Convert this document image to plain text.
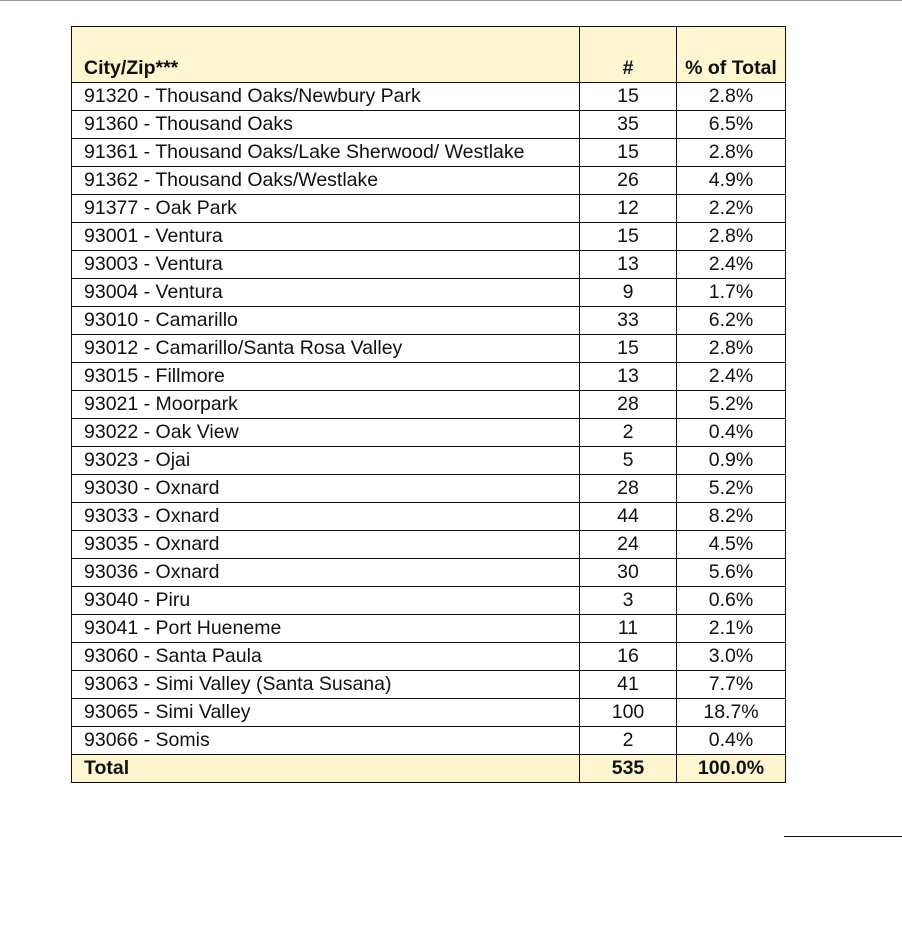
City/Zip***	#	% of Total
91320 - Thousand Oaks/Newbury Park	15	2.8%
91360 - Thousand Oaks	35	6.5%
91361 - Thousand Oaks/Lake Sherwood/ Westlake	15	2.8%
91362 - Thousand Oaks/Westlake	26	4.9%
91377 - Oak Park	12	2.2%
93001 - Ventura	15	2.8%
93003 - Ventura	13	2.4%
93004 - Ventura	9	1.7%
93010 - Camarillo	33	6.2%
93012 - Camarillo/Santa Rosa Valley	15	2.8%
93015 - Fillmore	13	2.4%
93021 - Moorpark	28	5.2%
93022 - Oak View	2	0.4%
93023 - Ojai	5	0.9%
93030 - Oxnard	28	5.2%
93033 - Oxnard	44	8.2%
93035 - Oxnard	24	4.5%
93036 - Oxnard	30	5.6%
93040 - Piru	3	0.6%
93041 - Port Hueneme	11	2.1%
93060 - Santa Paula	16	3.0%
93063 - Simi Valley (Santa Susana)	41	7.7%
93065 - Simi Valley	100	18.7%
93066 - Somis	2	0.4%
Total	535	100.0%
